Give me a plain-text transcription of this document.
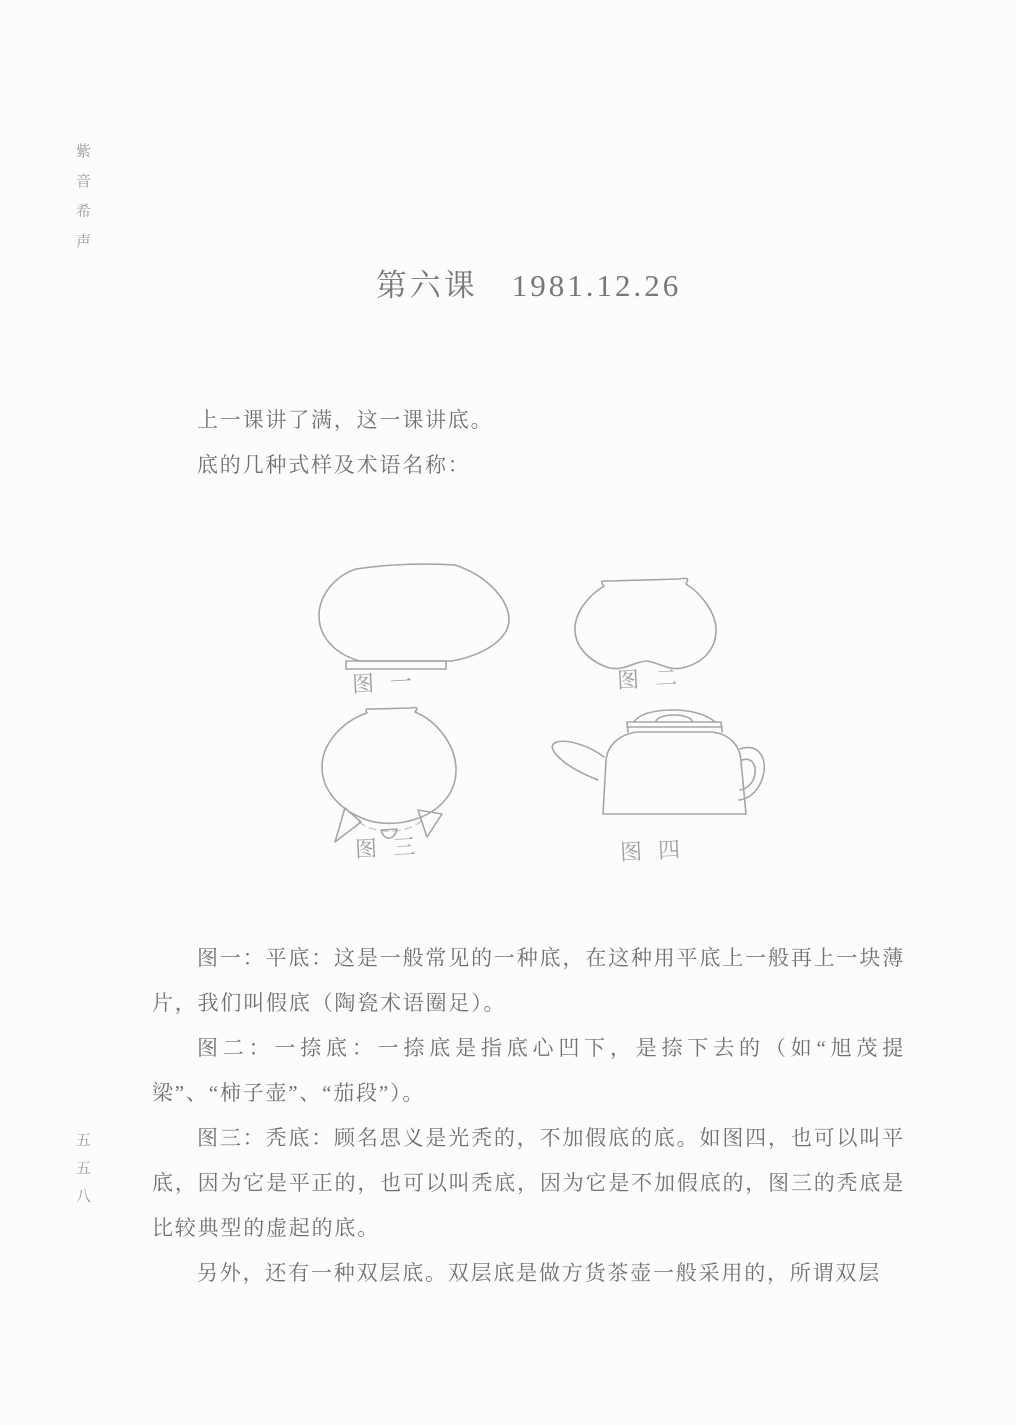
紫音希声
第六课　1981.12.26

上一课讲了满，这一课讲底。

底的几种式样及术语名称：

图一	图二
图三	图四

图一：平底：这是一般常见的一种底，在这种用平底上一般再上一块薄片，我们叫假底（陶瓷术语圈足）。

图二：一捺底：一捺底是指底心凹下，是捺下去的（如“旭茂提梁”、“柿子壶”、“茄段”）。

图三：秃底：顾名思义是光秃的，不加假底的底。如图四，也可以叫平底，因为它是平正的，也可以叫秃底，因为它是不加假底的，图三的秃底是比较典型的虚起的底。

另外，还有一种双层底。双层底是做方货茶壶一般采用的，所谓双层

五五八
